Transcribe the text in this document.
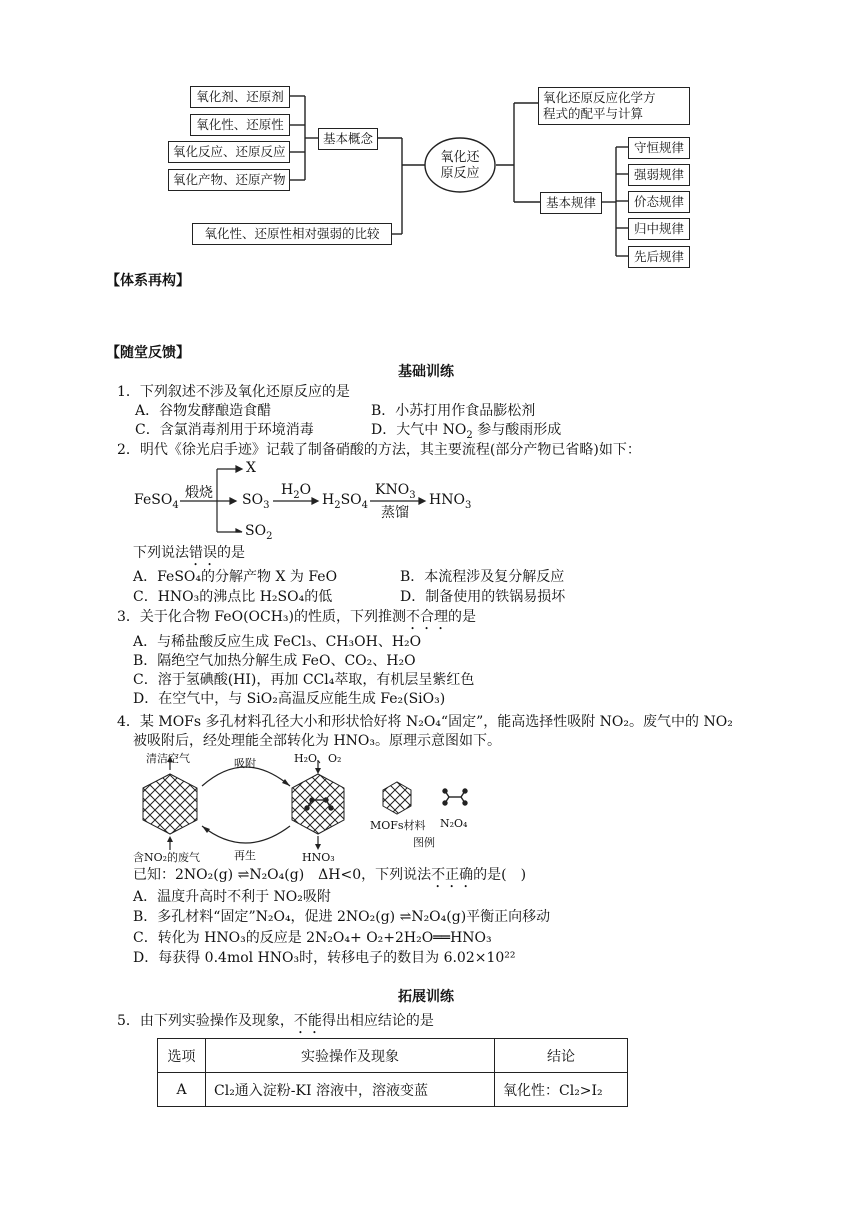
氧化剂、还原剂
氧化性、还原性
氧化反应、还原反应
氧化产物、还原产物
基本概念
氧化还
原反应
氧化性、还原性相对强弱的比较
氧化还原反应化学方
程式的配平与计算
基本规律
守恒规律
强弱规律
价态规律
归中规律
先后规律
【体系再构】
【随堂反馈】
基础训练
1．下列叙述不涉及氧化还原反应的是
A．谷物发酵酿造食醋	B．小苏打用作食品膨松剂
C．含氯消毒剂用于环境消毒	D．大气中 $NO_2$ 参与酸雨形成
2．明代《徐光启手迹》记载了制备硝酸的方法，其主要流程(部分产物已省略)如下：
FeSO$_4$
煅烧
X
$SO_3$
$H_2O$
$H_2SO_4$
$KNO_3$
蒸馏
$HNO_3$
$SO_2$
下列说法错误的是
A．FeSO₄的分解产物 X 为 FeO	B．本流程涉及复分解反应
C．HNO₃的沸点比 H₂SO₄的低	D．制备使用的铁锅易损坏
3．关于化合物 FeO(OCH₃)的性质，下列推测不合理的是
A．与稀盐酸反应生成 FeCl₃、CH₃OH、H₂O
B．隔绝空气加热分解生成 FeO、CO₂、H₂O
C．溶于氢碘酸(HI)，再加 CCl₄萃取，有机层呈紫红色
D．在空气中，与 SiO₂高温反应能生成 Fe₂(SiO₃)
4．某 MOFs 多孔材料孔径大小和形状恰好将 N₂O₄“固定”，能高选择性吸附 NO₂。废气中的 NO₂
被吸附后，经处理能全部转化为 HNO₃。原理示意图如下。
清洁空气	吸附	H₂O、O₂
含NO₂的废气	再生	HNO₃
MOFs材料 N₂O₄
图例
已知：2NO₂(g) ⇌N₂O₄(g)　ΔH<0，下列说法不正确的是(　)
A．温度升高时不利于 NO₂吸附
B．多孔材料“固定”N₂O₄，促进 2NO₂(g) ⇌N₂O₄(g)平衡正向移动
C．转化为 HNO₃的反应是 2N₂O₄+ O₂+2H₂O══HNO₃
D．每获得 0.4mol HNO₃时，转移电子的数目为 6.02×10²²
拓展训练
5．由下列实验操作及现象，不能得出相应结论的是
选项	实验操作及现象	结论
A	Cl₂通入淀粉-KI 溶液中，溶液变蓝	氧化性：Cl₂>I₂
